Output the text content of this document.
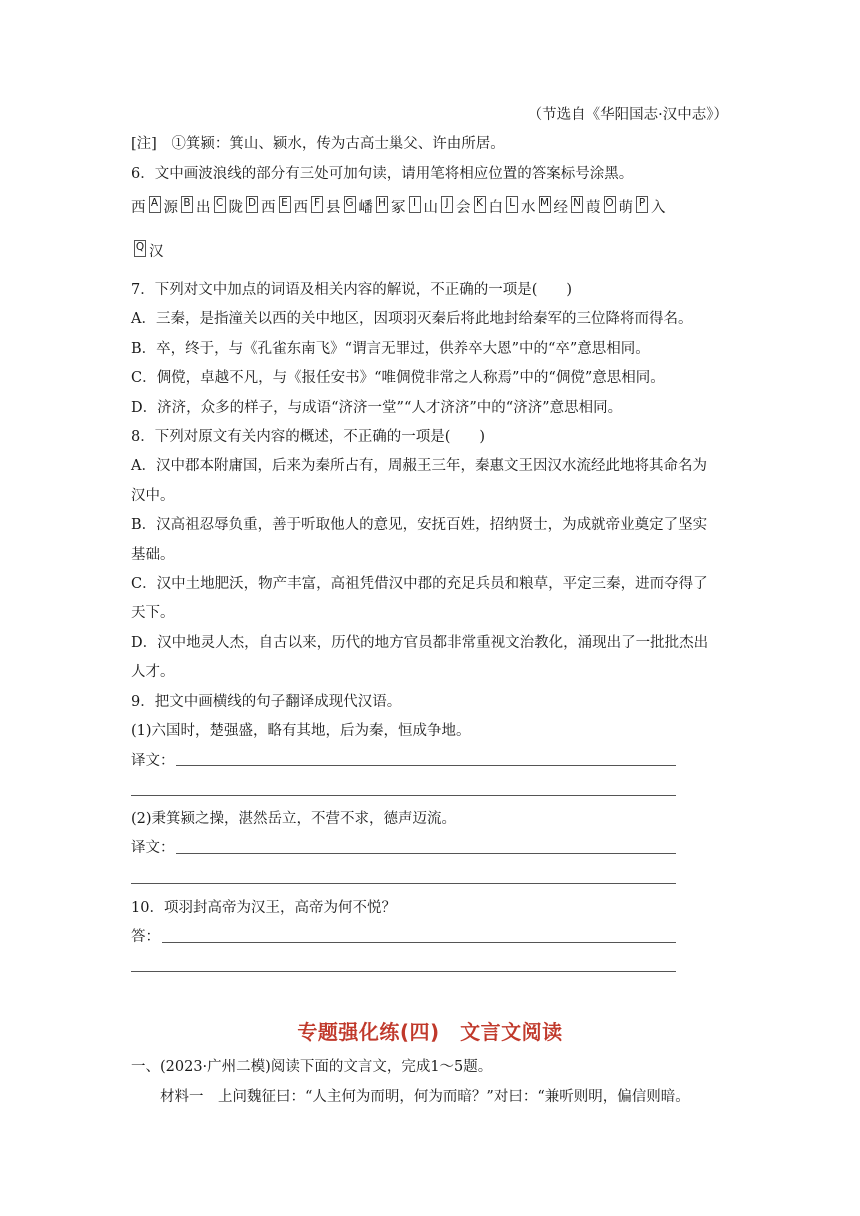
（节选自《华阳国志·汉中志》）
[注]　①箕颍：箕山、颍水，传为古高士巢父、许由所居。
6．文中画波浪线的部分有三处可加句读，请用笔将相应位置的答案标号涂黑。
西 A 源 B 出 C 陇 D 西 E 西 F 县 G 嶓 H 冢 I 山 J 会 K 白 L 水 M 经 N 葭 O 萌 P 入
Q 汉
7．下列对文中加点的词语及相关内容的解说，不正确的一项是(　　)
A．三秦，是指潼关以西的关中地区，因项羽灭秦后将此地封给秦军的三位降将而得名。
B．卒，终于，与《孔雀东南飞》“谓言无罪过，供养卒大恩”中的“卒”意思相同。
C．倜傥，卓越不凡，与《报任安书》“唯倜傥非常之人称焉”中的“倜傥”意思相同。
D．济济，众多的样子，与成语“济济一堂”“人才济济”中的“济济”意思相同。
8．下列对原文有关内容的概述，不正确的一项是(　　)
A．汉中郡本附庸国，后来为秦所占有，周赧王三年，秦惠文王因汉水流经此地将其命名为
汉中。
B．汉高祖忍辱负重，善于听取他人的意见，安抚百姓，招纳贤士，为成就帝业奠定了坚实
基础。
C．汉中土地肥沃，物产丰富，高祖凭借汉中郡的充足兵员和粮草，平定三秦，进而夺得了
天下。
D．汉中地灵人杰，自古以来，历代的地方官员都非常重视文治教化，涌现出了一批批杰出
人才。
9．把文中画横线的句子翻译成现代汉语。
(1)六国时，楚强盛，略有其地，后为秦，恒成争地。
译文：
(2)秉箕颍之操，湛然岳立，不营不求，德声迈流。
译文：
10．项羽封高帝为汉王，高帝为何不悦？
答：
专题强化练(四)　文言文阅读
一、(2023·广州二模)阅读下面的文言文，完成1～5题。
材料一　上问魏征曰：“人主何为而明，何为而暗？”对曰：“兼听则明，偏信则暗。
